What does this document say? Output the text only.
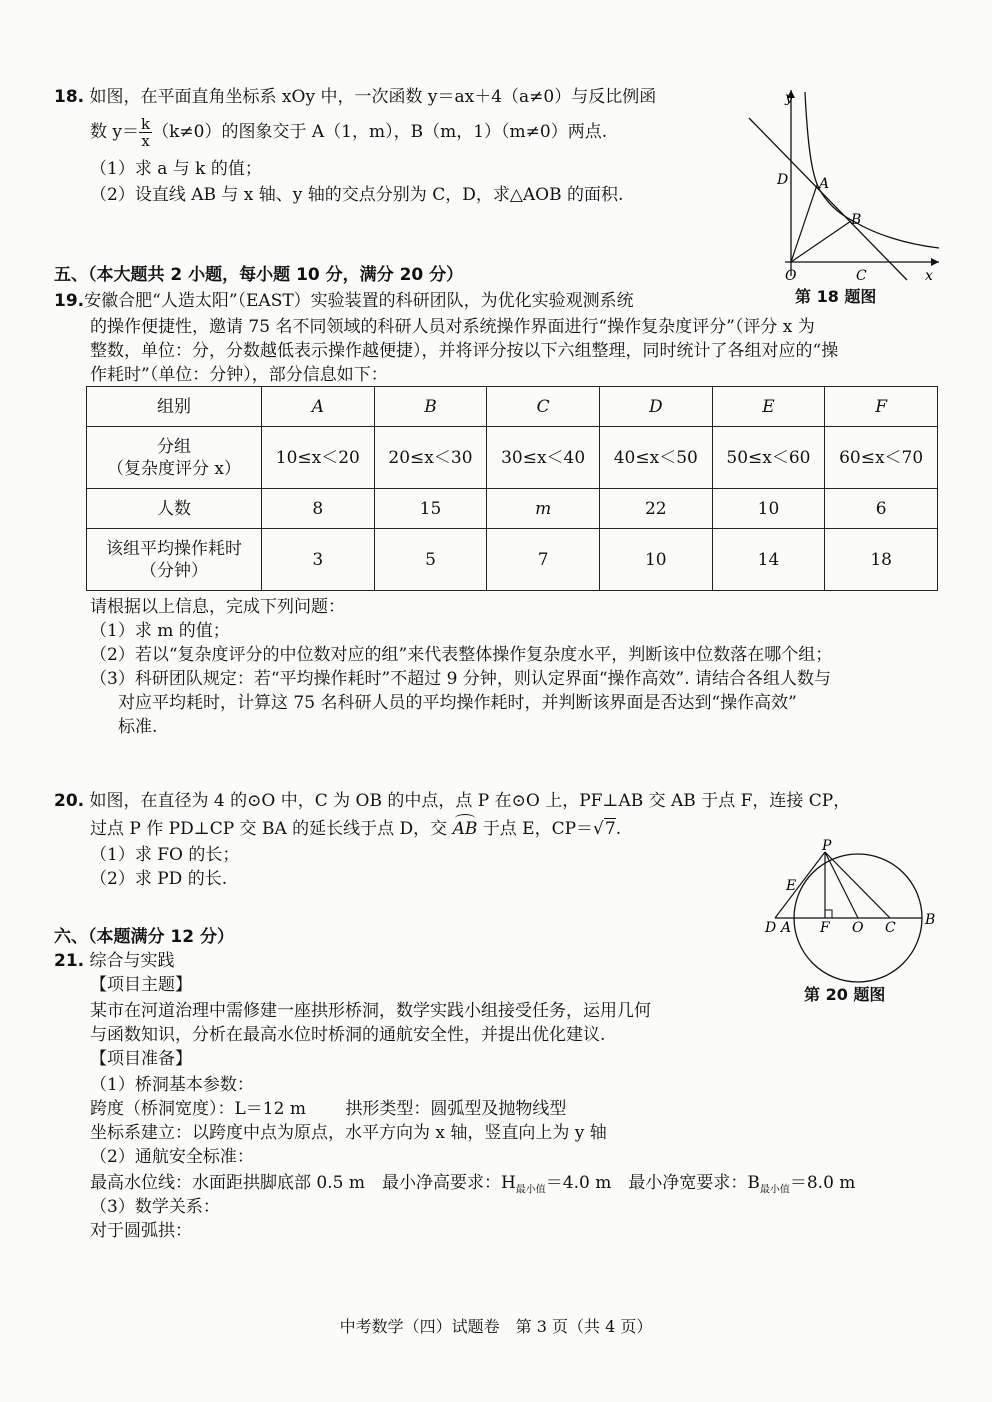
18. 如图，在平面直角坐标系 xOy 中，一次函数 y＝ax＋4（a≠0）与反比例函
数 $y= \frac{k}{x} (k\ne 0)$的图象交于 A（1，m），B（m，1）（m≠0）两点.
（1）求 a 与 k 的值；
（2）设直线 AB 与 x 轴、y 轴的交点分别为 C，D，求△AOB 的面积.
y
x
O	C
D A
B
第 18 题图
五、（本大题共 2 小题，每小题 10 分，满分 20 分）
19.安徽合肥“人造太阳”（EAST）实验装置的科研团队，为优化实验观测系统
的操作便捷性，邀请 75 名不同领域的科研人员对系统操作界面进行“操作复杂度评分”（评分 x 为
整数，单位：分，分数越低表示操作越便捷），并将评分按以下六组整理，同时统计了各组对应的“操
作耗时”（单位：分钟），部分信息如下：
组别	A	B	C	D	E	F

分组
（复杂度评分 x）	10≤x＜20	20≤x＜30	30≤x＜40	40≤x＜50	50≤x＜60	60≤x＜70
人数	8	15	m	22	10	6

该组平均操作耗时
（分钟）	3	5	7	10	14	18
请根据以上信息，完成下列问题：
（1）求 m 的值；
（2）若以“复杂度评分的中位数对应的组”来代表整体操作复杂度水平，判断该中位数落在哪个组；
（3）科研团队规定：若“平均操作耗时”不超过 9 分钟，则认定界面“操作高效”. 请结合各组人数与
对应平均耗时，计算这 75 名科研人员的平均操作耗时，并判断该界面是否达到“操作高效”
标准.
20. 如图，在直径为 4 的⊙O 中，C 为 OB 的中点，点 P 在⊙O 上，PF⊥AB 交 AB 于点 F，连接 CP，
过点 P 作 PD⊥CP 交 BA 的延长线于点 D，交 AB 于点 E，CP＝√7.
（1）求 FO 的长；
（2）求 PD 的长.
P
E
D A F O C B
第 20 题图
六、（本题满分 12 分）
21. 综合与实践
【项目主题】
某市在河道治理中需修建一座拱形桥洞，数学实践小组接受任务，运用几何
与函数知识，分析在最高水位时桥洞的通航安全性，并提出优化建议.
【项目准备】
（1）桥洞基本参数：
跨度（桥洞宽度）：L＝12 m　　 拱形类型：圆弧型及抛物线型
坐标系建立：以跨度中点为原点，水平方向为 x 轴，竖直向上为 y 轴
（2）通航安全标准：
最高水位线：水面距拱脚底部 0.5 m　最小净高要求：$H_{最小值}=4.0$ m　最小净宽要求：$B_{最小值}=8.0$ m
（3）数学关系：
对于圆弧拱：
中考数学（四）试题卷　第 3 页（共 4 页）
